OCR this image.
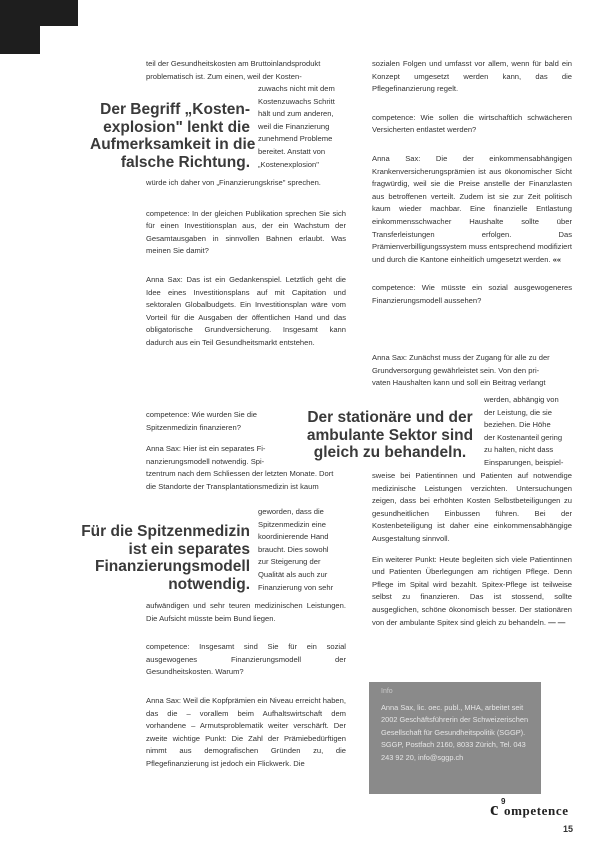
teil der Gesundheitskosten am Bruttoinlandsprodukt
problematisch ist. Zum einen, weil der Kosten-
zuwachs nicht mit dem
Kostenzuwachs Schritt
hält und zum anderen,
weil die Finanzierung
zunehmend Probleme
bereitet. Anstatt von
„Kostenexplosion"
Der Begriff „Kosten-
explosion" lenkt die
Aufmerksamkeit in die
falsche Richtung.

würde ich daher von „Finanzierungskrise" sprechen.

competence: In der gleichen Publikation sprechen Sie sich für einen Investitionsplan aus, der ein Wachstum der Gesamtausgaben in sinnvollen Bahnen erlaubt. Was meinen Sie damit?

Anna Sax: Das ist ein Gedankenspiel. Letztlich geht die Idee eines Investitionsplans auf mit Capitation und sektoralen Globalbudgets. Ein Investitionsplan wäre vom Vorteil für die Ausgaben der öffentlichen Hand und das obligatorische Grundversicherung. Insgesamt kann dadurch aus ein Teil Gesundheitsmarkt entstehen.

competence: Wie wurden Sie die
Spitzenmedizin finanzieren?
Anna Sax: Hier ist ein separates Fi-
nanzierungsmodell notwendig. Spi-
tzentrum nach dem Schliessen der letzten Monate. Dort
die Standorte der Transplantationsmedizin ist kaum
geworden, dass die
Spitzenmedizin eine
koordinierende Hand
braucht. Dies sowohl
zur Steigerung der
Qualität als auch zur
Finanzierung von sehr
Für die Spitzenmedizin
ist ein separates
Finanzierungsmodell
notwendig.

aufwändigen und sehr teuren medizinischen Leistungen. Die Aufsicht müsste beim Bund liegen.

competence: Insgesamt sind Sie für ein sozial ausgewogenes Finanzierungsmodell der Gesundheitskosten. Warum?

Anna Sax: Weil die Kopfprämien ein Niveau erreicht haben, das die – vorallem beim Aufhaltswirtschaft dem vorhandene – Armutsproblematik weiter verschärft. Der zweite wichtige Punkt: Die Zahl der Prämiebedürftigen nimmt aus demografischen Gründen zu, die Pflegefinanzierung ist jedoch ein Flickwerk. Die

sozialen Folgen und umfasst vor allem, wenn für bald ein Konzept umgesetzt werden kann, das die Pflegefinanzierung regelt.

competence: Wie sollen die wirtschaftlich schwächeren Versicherten entlastet werden?

Anna Sax: Die der einkommensabhängigen Krankenversicherungsprämien ist aus ökonomischer Sicht fragwürdig, weil sie die Preise anstelle der Finanzlasten aus betroffenen verteilt. Zudem ist sie zur Zeit politisch kaum wieder machbar. Eine finanzielle Entlastung einkommensschwacher Haushalte sollte über Transferleistungen erfolgen. Das Prämienverbilligungssystem muss entsprechend modifiziert und durch die Kantone einheitlich umgesetzt werden. ««

competence: Wie müsste ein sozial ausgewogeneres Finanzierungsmodell aussehen?

Anna Sax: Zunächst muss der Zugang für alle zu der
Grundversorgung gewährleistet sein. Von den pri-
vaten Haushalten kann und soll ein Beitrag verlangt
werden, abhängig von
der Leistung, die sie
beziehen. Die Höhe
der Kostenanteil gering
zu halten, nicht dass
Einsparungen, beispiel-
Der stationäre und der
ambulante Sektor sind
gleich zu behandeln.

sweise bei Patientinnen und Patienten auf notwendige medizinische Leistungen verzichten. Untersuchungen zeigen, dass bei erhöhten Kosten Selbstbeteiligungen zu gesundheitlichen Einbussen führen. Bei der Kostenbeteiligung ist daher eine einkommensabhängige Ausgestaltung sinnvoll.

Ein weiterer Punkt: Heute begleiten sich viele Patientinnen und Patienten Überlegungen am richtigen Pflege. Denn Pflege im Spital wird bezahlt. Spitex-Pflege ist teilweise selbst zu finanzieren. Das ist stossend, sollte ausgeglichen, schöne ökonomisch besser. Der stationären von der ambulante Spitex sind gleich zu behandeln. — —

Info
Anna Sax, lic. oec. publ., MHA, arbeitet seit 2002 Geschäftsführerin der Schweizerischen Gesellschaft für Gesundheitspolitik (SGGP). SGGP, Postfach 2160, 8033 Zürich, Tel. 043 243 92 20, info@sggp.ch
9
c ompetence
15
